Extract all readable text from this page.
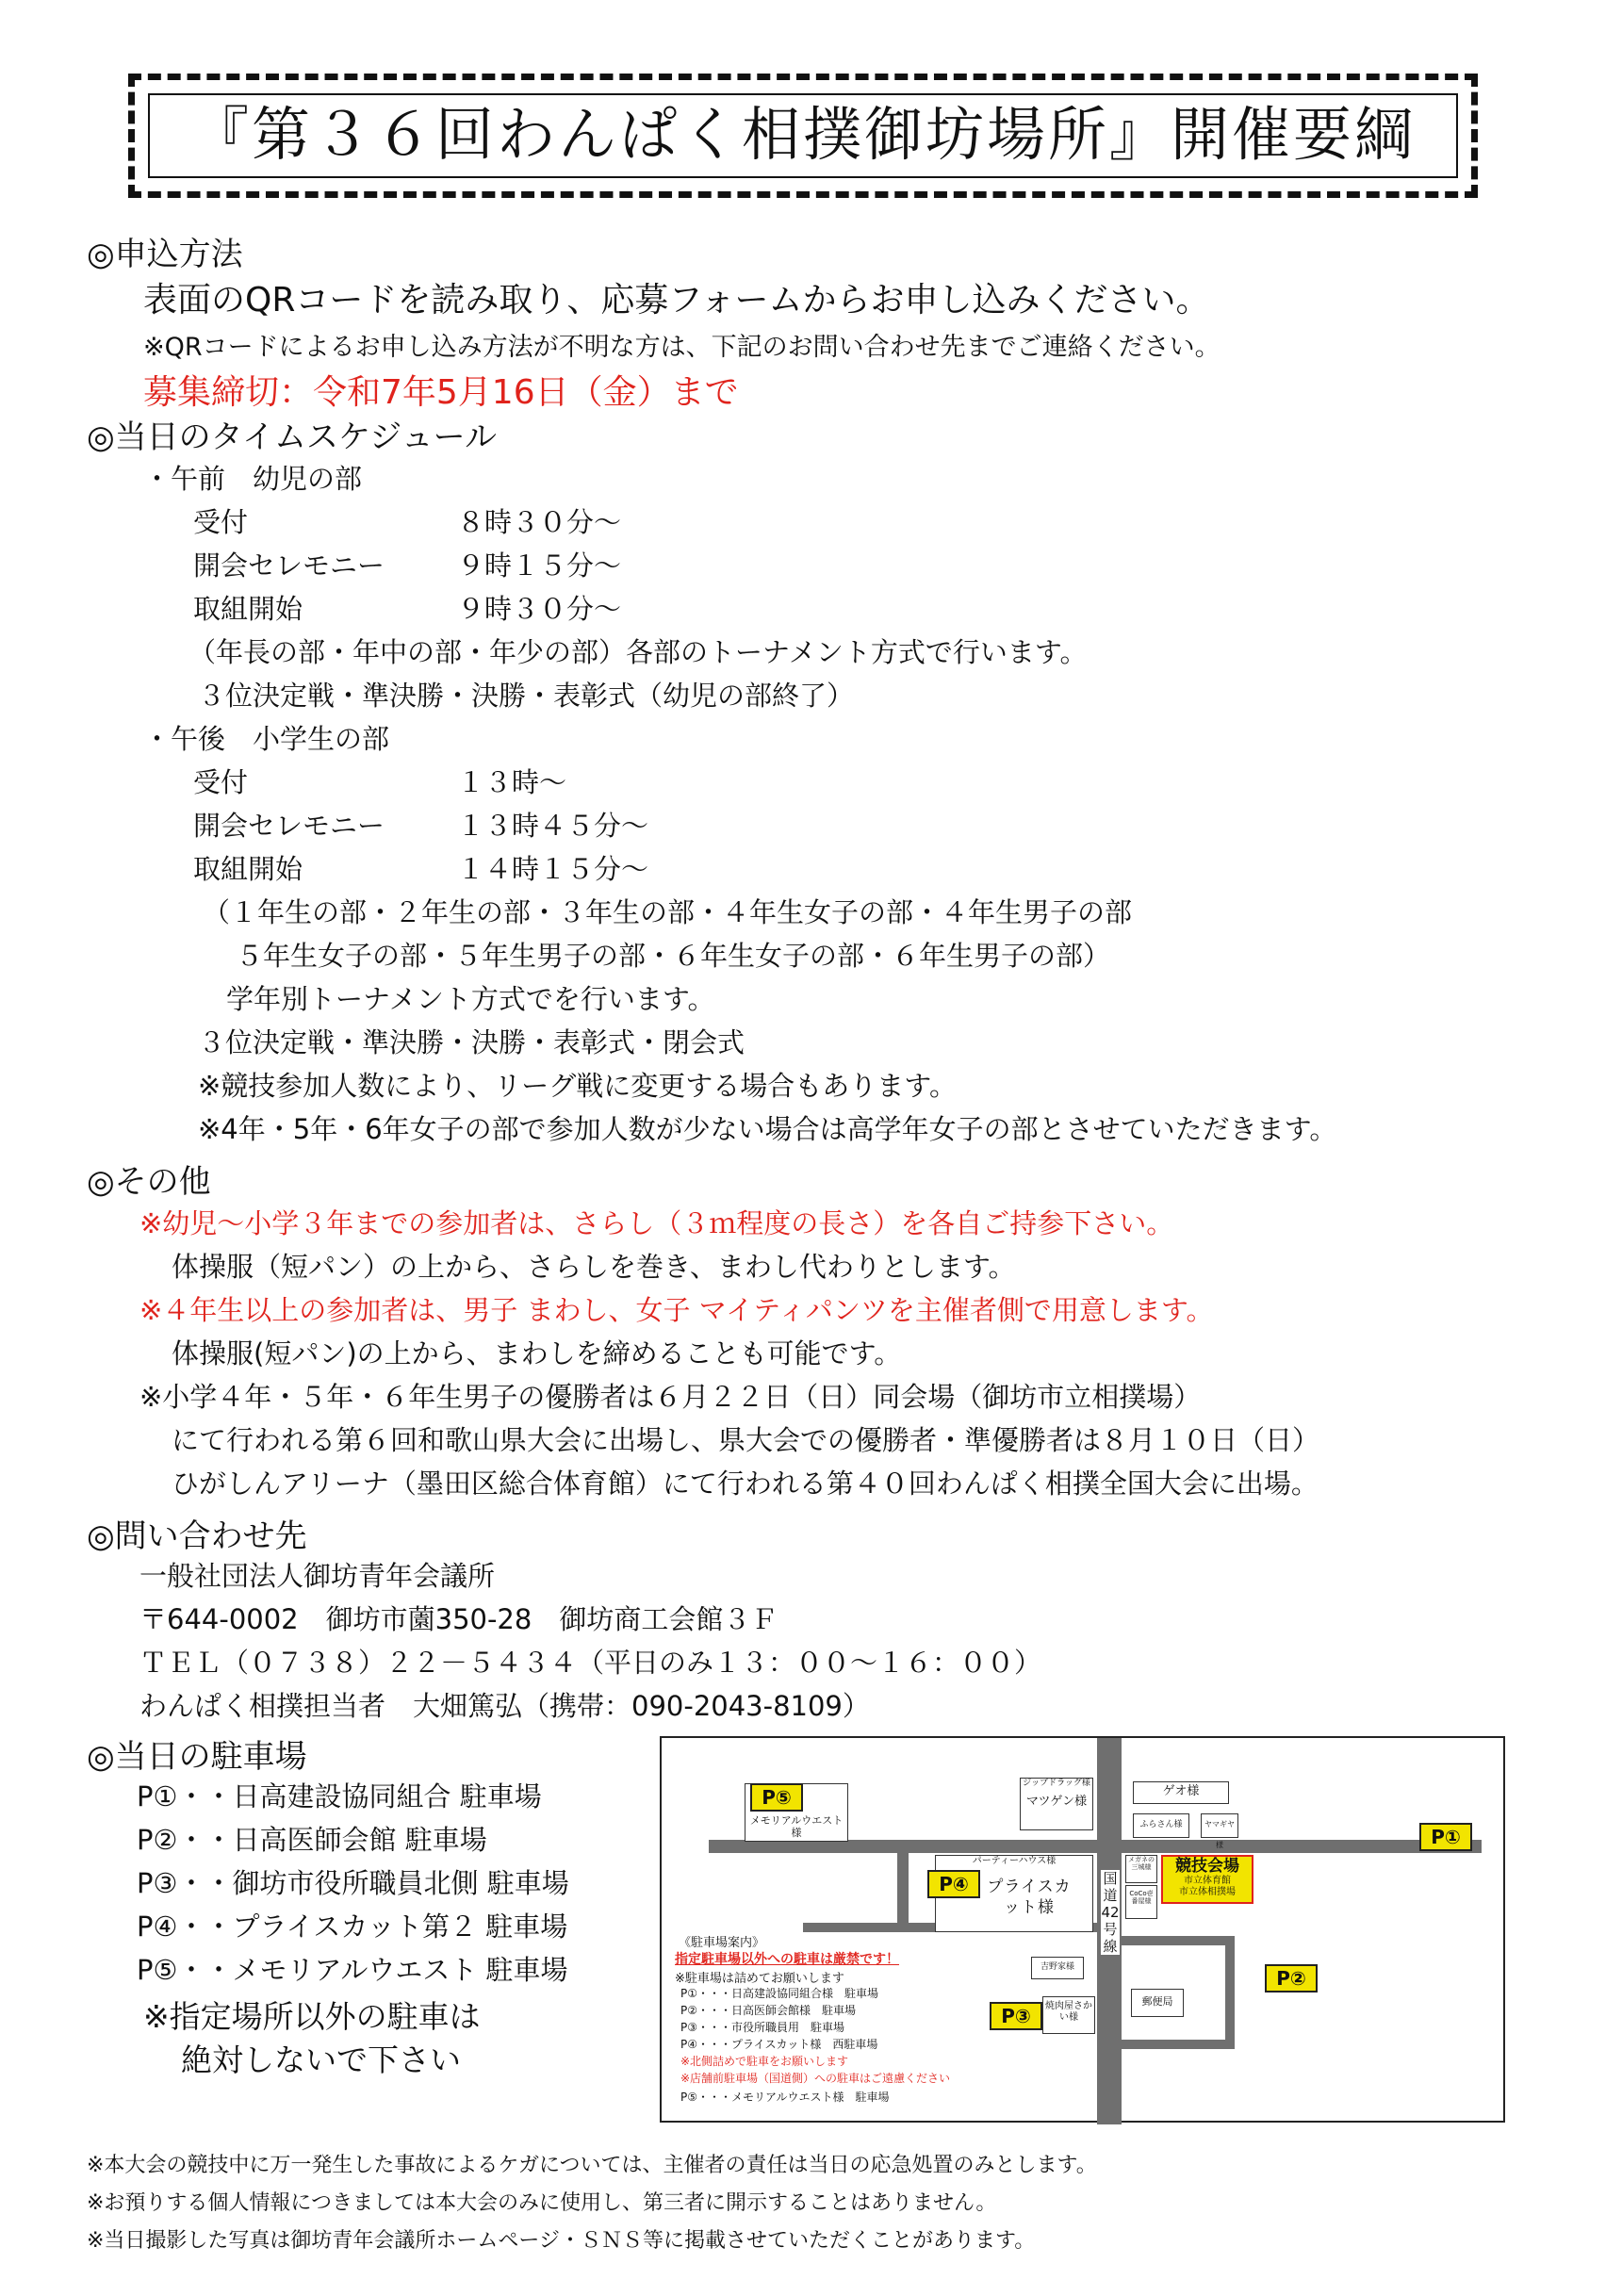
『第３６回わんぱく相撲御坊場所』開催要綱
◎申込方法
表面のQRコードを読み取り、応募フォームからお申し込みください。
※QRコードによるお申し込み方法が不明な方は、下記のお問い合わせ先までご連絡ください。
募集締切：令和7年5月16日（金）まで
◎当日のタイムスケジュール
・午前　幼児の部
受付	８時３０分～
開会セレモニー	９時１５分～
取組開始	９時３０分～
（年長の部・年中の部・年少の部）各部のトーナメント方式で行います。
３位決定戦・準決勝・決勝・表彰式（幼児の部終了）
・午後　小学生の部
受付	１３時～
開会セレモニー	１３時４５分～
取組開始	１４時１５分～
（１年生の部・２年生の部・３年生の部・４年生女子の部・４年生男子の部
５年生女子の部・５年生男子の部・６年生女子の部・６年生男子の部）
学年別トーナメント方式でを行います。
３位決定戦・準決勝・決勝・表彰式・閉会式
※競技参加人数により、リーグ戦に変更する場合もあります。
※4年・5年・6年女子の部で参加人数が少ない場合は高学年女子の部とさせていただきます。
◎その他
※幼児～小学３年までの参加者は、さらし（３ｍ程度の長さ）を各自ご持参下さい。
体操服（短パン）の上から、さらしを巻き、まわし代わりとします。
※４年生以上の参加者は、男子 まわし、女子 マイティパンツを主催者側で用意します。
体操服(短パン)の上から、まわしを締めることも可能です。
※小学４年・５年・６年生男子の優勝者は６月２２日（日）同会場（御坊市立相撲場）
にて行われる第６回和歌山県大会に出場し、県大会での優勝者・準優勝者は８月１０日（日）
ひがしんアリーナ（墨田区総合体育館）にて行われる第４０回わんぱく相撲全国大会に出場。
◎問い合わせ先
一般社団法人御坊青年会議所
〒644-0002　御坊市薗350-28　御坊商工会館３Ｆ
ＴＥＬ（０７３８）２２－５４３４（平日のみ１３：００～１６：００）
わんぱく相撲担当者　大畑篤弘（携帯：090-2043-8109）
◎当日の駐車場
P①・・日高建設協同組合 駐車場
P②・・日高医師会館 駐車場
P③・・御坊市役所職員北側 駐車場
P④・・プライスカット第２ 駐車場
P⑤・・メモリアルウエスト 駐車場
※指定場所以外の駐車は
絶対しないで下さい
メモリアルウエスト様
ジップドラッグ様
マツゲン様
ゲオ様
ふらさん様	ヤマギヤ様
パーティーハウス様
プライスカット様
メガネの三城様
CoCo壱番屋様
競技会場
市立体育館
市立体相撲場
吉野家様
焼肉屋さかい様
郵便局
国道42号線
P⑤
P①
P④
P②
P③
《駐車場案内》
指定駐車場以外への駐車は厳禁です！
※駐車場は詰めてお願いします
P①・・・日高建設協同組合様　駐車場
P②・・・日高医師会館様　駐車場
P③・・・市役所職員用　駐車場
P④・・・プライスカット様　西駐車場
※北側詰めで駐車をお願いします
※店舗前駐車場（国道側）への駐車はご遠慮ください
P⑤・・・メモリアルウエスト様　駐車場
※本大会の競技中に万一発生した事故によるケガについては、主催者の責任は当日の応急処置のみとします。
※お預りする個人情報につきましては本大会のみに使用し、第三者に開示することはありません。
※当日撮影した写真は御坊青年会議所ホームページ・ＳＮＳ等に掲載させていただくことがあります。
